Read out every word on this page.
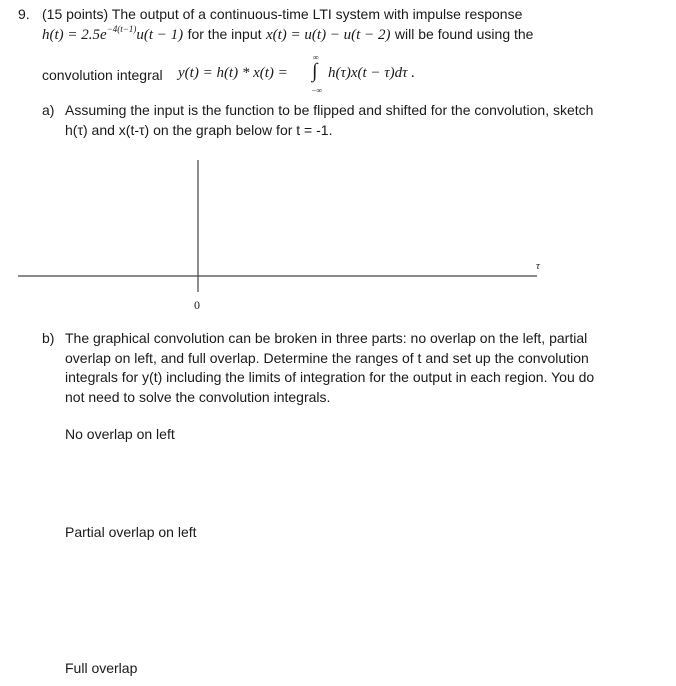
9. (15 points) The output of a continuous-time LTI system with impulse response
$h(t) = 2.5e^{-4(t-1)}u(t - 1)$ for the input x(t) = u(t) − u(t − 2) will be found using the
convolution integral y(t) = h(t) * x(t) =
∞
∫
−∞
h(τ)x(t − τ)dτ .
a) Assuming the input is the function to be flipped and shifted for the convolution, sketch
h(τ) and x(t-τ) on the graph below for t = -1.
τ
0
b) The graphical convolution can be broken in three parts: no overlap on the left, partial
overlap on left, and full overlap. Determine the ranges of t and set up the convolution
integrals for y(t) including the limits of integration for the output in each region. You do
not need to solve the convolution integrals.
No overlap on left
Partial overlap on left
Full overlap
